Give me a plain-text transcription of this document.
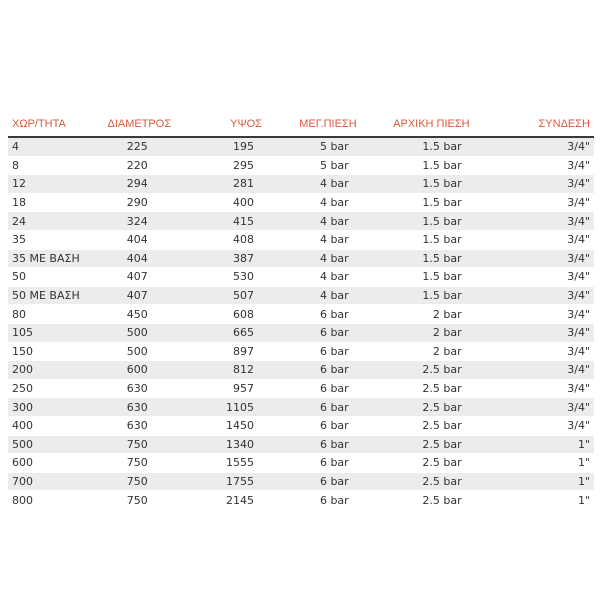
ΧΩΡ/ΤΗΤΑ	ΔΙΑΜΕΤΡΟΣ	ΥΨΟΣ	ΜΕΓ.ΠΙΕΣΗ	ΑΡΧΙΚΗ ΠΙΕΣΗ	ΣΥΝΔΕΣΗ
4	225	195	5 bar	1.5 bar	3/4"
8	220	295	5 bar	1.5 bar	3/4"
12	294	281	4 bar	1.5 bar	3/4"
18	290	400	4 bar	1.5 bar	3/4"
24	324	415	4 bar	1.5 bar	3/4"
35	404	408	4 bar	1.5 bar	3/4"
35 ΜΕ ΒΑΣΗ	404	387	4 bar	1.5 bar	3/4"
50	407	530	4 bar	1.5 bar	3/4"
50 ΜΕ ΒΑΣΗ	407	507	4 bar	1.5 bar	3/4"
80	450	608	6 bar	2 bar	3/4"
105	500	665	6 bar	2 bar	3/4"
150	500	897	6 bar	2 bar	3/4"
200	600	812	6 bar	2.5 bar	3/4"
250	630	957	6 bar	2.5 bar	3/4"
300	630	1105	6 bar	2.5 bar	3/4"
400	630	1450	6 bar	2.5 bar	3/4"
500	750	1340	6 bar	2.5 bar	1"
600	750	1555	6 bar	2.5 bar	1"
700	750	1755	6 bar	2.5 bar	1"
800	750	2145	6 bar	2.5 bar	1"
